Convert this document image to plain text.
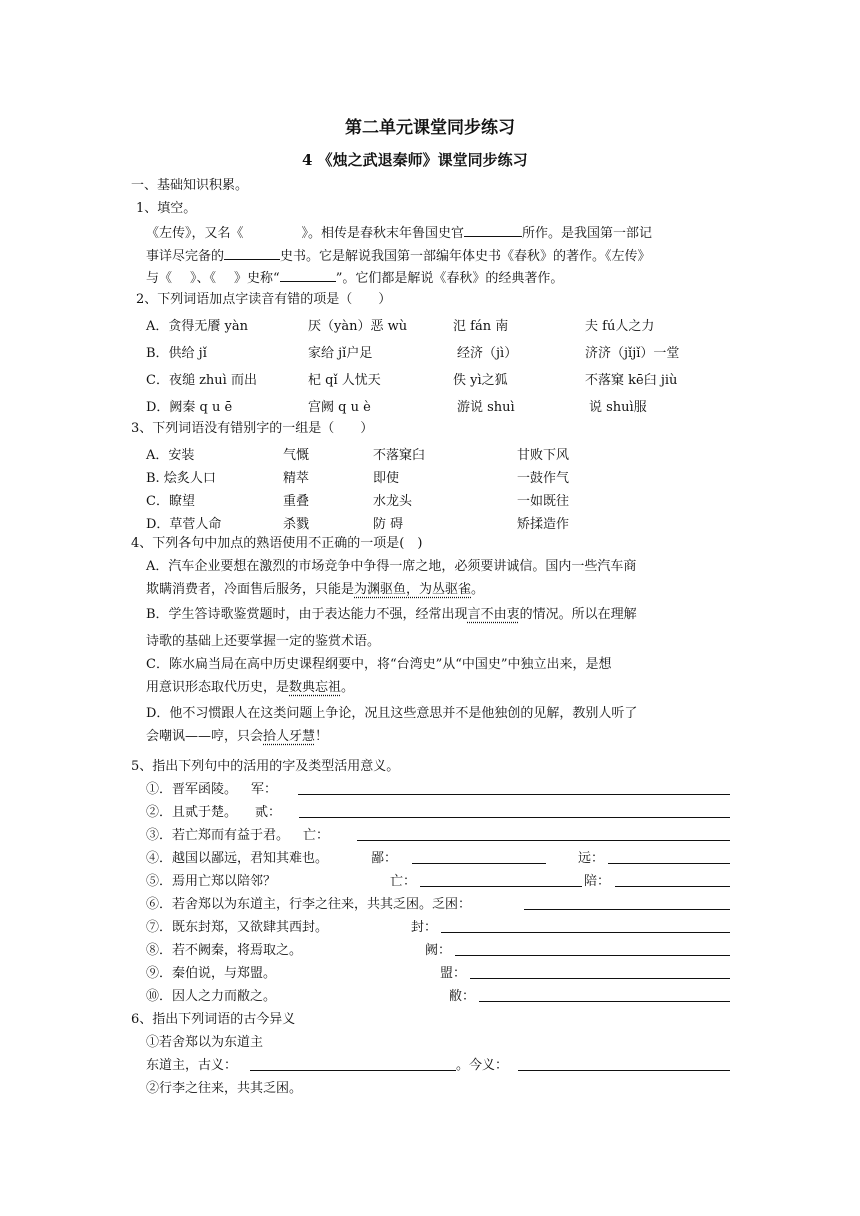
第二单元课堂同步练习
4 《烛之武退秦师》课堂同步练习
一、基础知识积累。
1、填空。
《左传》，又名《	》。相传是春秋末年鲁国史官	所作。是我国第一部记
事详尽完备的	史书。它是解说我国第一部编年体史书《春秋》的著作。《左传》
与《 》、《 》史称“	”。它们都是解说《春秋》的经典著作。
2、下列词语加点字读音有错的项是（　　）
A．贪得无餍 yàn	厌（yàn）恶 wù	氾 fán 南	夫 fú人之力
B．供给 jǐ	家给 jǐ户足	经济（jì）	济济（jǐjǐ）一堂
C．夜缒 zhuì 而出	杞 qǐ 人忧天	佚 yì之狐	不落窠 kē臼 jiù
D．阙秦 q u ē	宫阙 q u è	游说 shuì	说 shuì服
3、下列词语没有错别字的一组是（　　）
A．安装	气慨	不落窠臼	甘败下风
B. 烩炙人口	精萃	即使	一鼓作气
C．瞭望	重叠	水龙头	一如既往
D．草菅人命	杀戮	防 碍	矫揉造作
4、下列各句中加点的熟语使用不正确的一项是(　)
A．汽车企业要想在激烈的市场竞争中争得一席之地，必须要讲诚信。国内一些汽车商
欺瞒消费者，冷面售后服务，只能是为渊驱鱼，为丛驱雀。
B．学生答诗歌鉴赏题时，由于表达能力不强，经常出现言不由衷的情况。所以在理解
诗歌的基础上还要掌握一定的鉴赏术语。
C．陈水扁当局在高中历史课程纲要中，将“台湾史”从“中国史”中独立出来，是想
用意识形态取代历史，是数典忘祖。
D．他不习惯跟人在这类问题上争论，况且这些意思并不是他独创的见解，教别人听了
会嘲讽——哼，只会拾人牙慧！
5、指出下列句中的活用的字及类型活用意义。
①．晋军函陵。 军：
②．且贰于楚。 贰：
③．若亡郑而有益于君。 亡：
④．越国以鄙远，君知其难也。	鄙：	远：
⑤．焉用亡郑以陪邻？	亡：	陪：
⑥．若舍郑以为东道主，行李之往来，共其乏困。乏困：
⑦．既东封郑，又欲肆其西封。	封：
⑧．若不阙秦，将焉取之。	阙：
⑨．秦伯说，与郑盟。	盟：
⑩．因人之力而敝之。	敝：
6、指出下列词语的古今异义
①若舍郑以为东道主
东道主，古义：	。今义：
②行李之往来，共其乏困。
